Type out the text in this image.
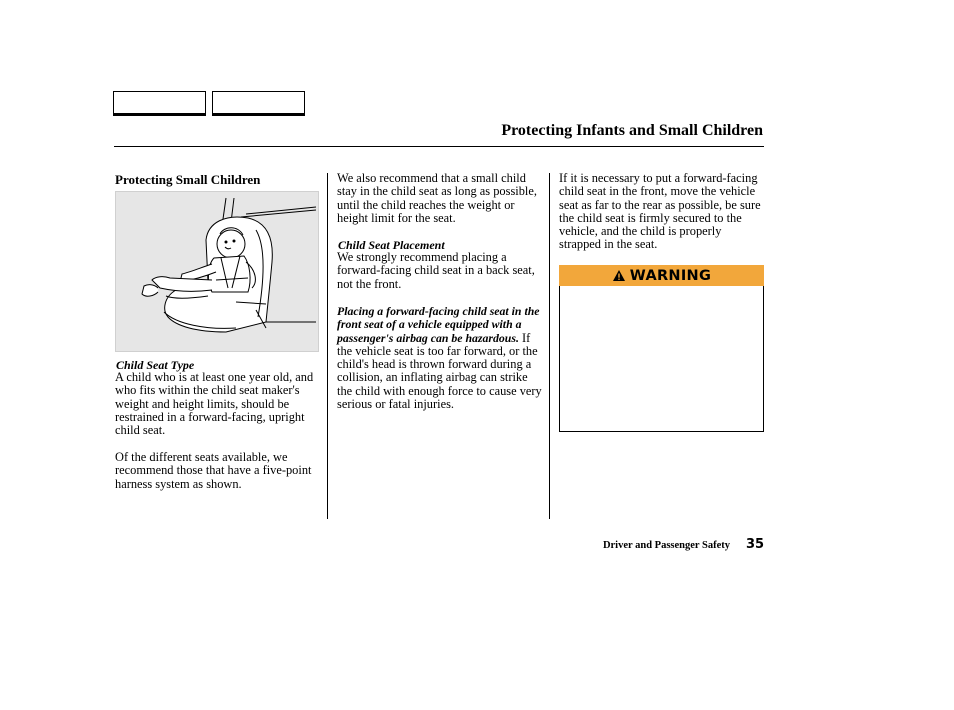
Protecting Infants and Small Children
Protecting Small Children
Child Seat Type
A child who is at least one year old, and who fits within the child seat maker's weight and height limits, should be restrained in a forward-facing, upright child seat.
Of the different seats available, we recommend those that have a five-point harness system as shown.
We also recommend that a small child stay in the child seat as long as possible, until the child reaches the weight or height limit for the seat.
Child Seat Placement
We strongly recommend placing a forward-facing child seat in a back seat, not the front.
Placing a forward-facing child seat in the front seat of a vehicle equipped with a passenger's airbag can be hazardous. If the vehicle seat is too far forward, or the child's head is thrown forward during a collision, an inflating airbag can strike the child with enough force to cause very serious or fatal injuries.
If it is necessary to put a forward-facing child seat in the front, move the vehicle seat as far to the rear as possible, be sure the child seat is firmly secured to the vehicle, and the child is properly strapped in the seat.
WARNING
Driver and Passenger Safety 35
